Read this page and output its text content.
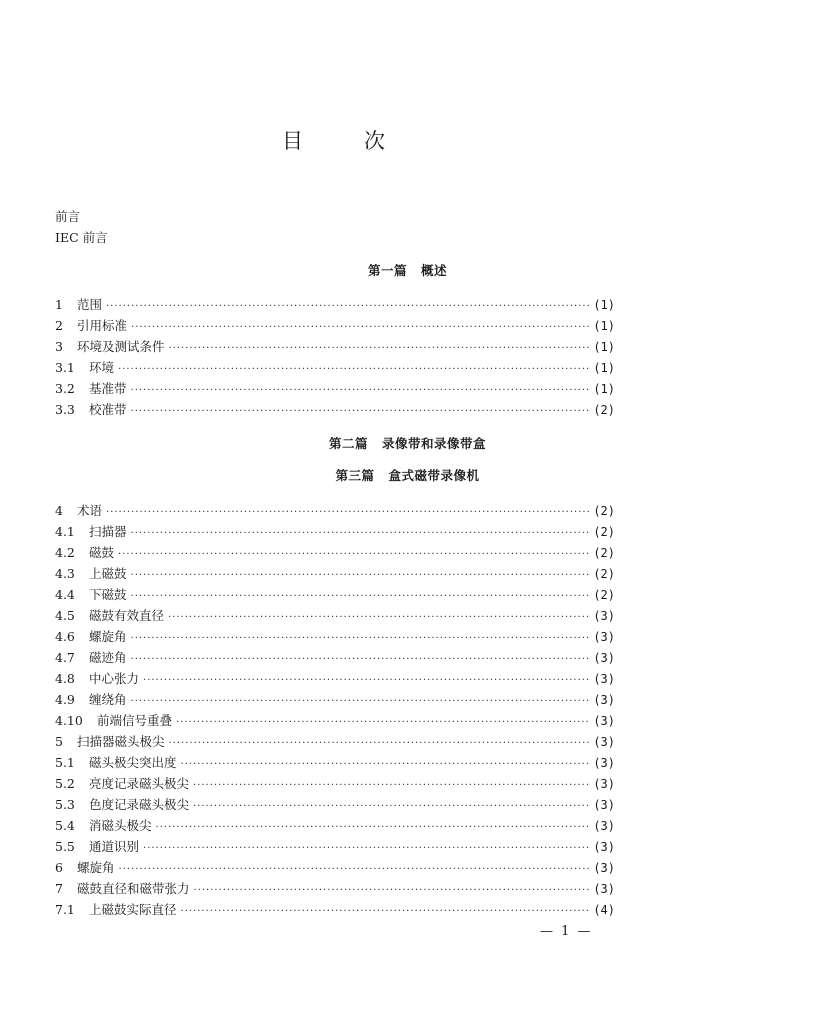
目	次
前言
IEC 前言
第一篇 概述
1	范围 ·····	(1)
2	引用标准 ·····	(1)
3	环境及测试条件 ·····	(1)
3.1	环境 ·····	(1)
3.2	基准带 ·····	(1)
3.3	校准带 ·····	(2)
第二篇 录像带和录像带盒
第三篇 盒式磁带录像机
4	术语 ·····	(2)
4.1	扫描器 ·····	(2)
4.2	磁鼓 ·····	(2)
4.3	上磁鼓 ·····	(2)
4.4	下磁鼓 ·····	(2)
4.5	磁鼓有效直径 ·····	(3)
4.6	螺旋角 ·····	(3)
4.7	磁迹角 ·····	(3)
4.8	中心张力 ·····	(3)
4.9	缠绕角 ·····	(3)
4.10	前端信号重叠 ·····	(3)
5	扫描器磁头极尖 ·····	(3)
5.1	磁头极尖突出度 ·····	(3)
5.2	亮度记录磁头极尖 ·····	(3)
5.3	色度记录磁头极尖 ·····	(3)
5.4	消磁头极尖 ·····	(3)
5.5	通道识别 ·····	(3)
6	螺旋角 ·····	(3)
7	磁鼓直径和磁带张力 ·····	(3)
7.1	上磁鼓实际直径 ·····	(4)
— 1 —
